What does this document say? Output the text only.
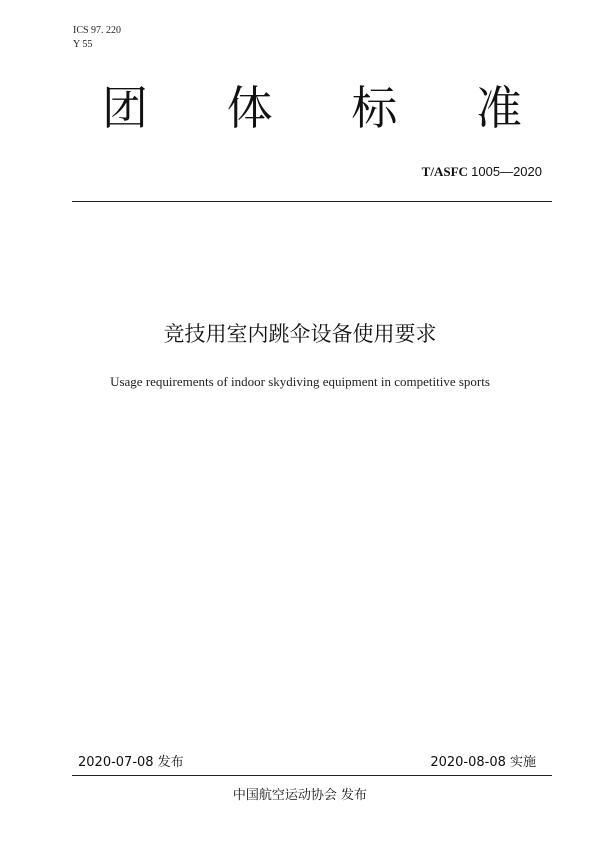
ICS 97. 220
Y 55
团 体 标 准
T/ASFC 1005—2020
竞技用室内跳伞设备使用要求
Usage requirements of indoor skydiving equipment in competitive sports
2020-07-08 发布	2020-08-08 实施
中国航空运动协会 发布
